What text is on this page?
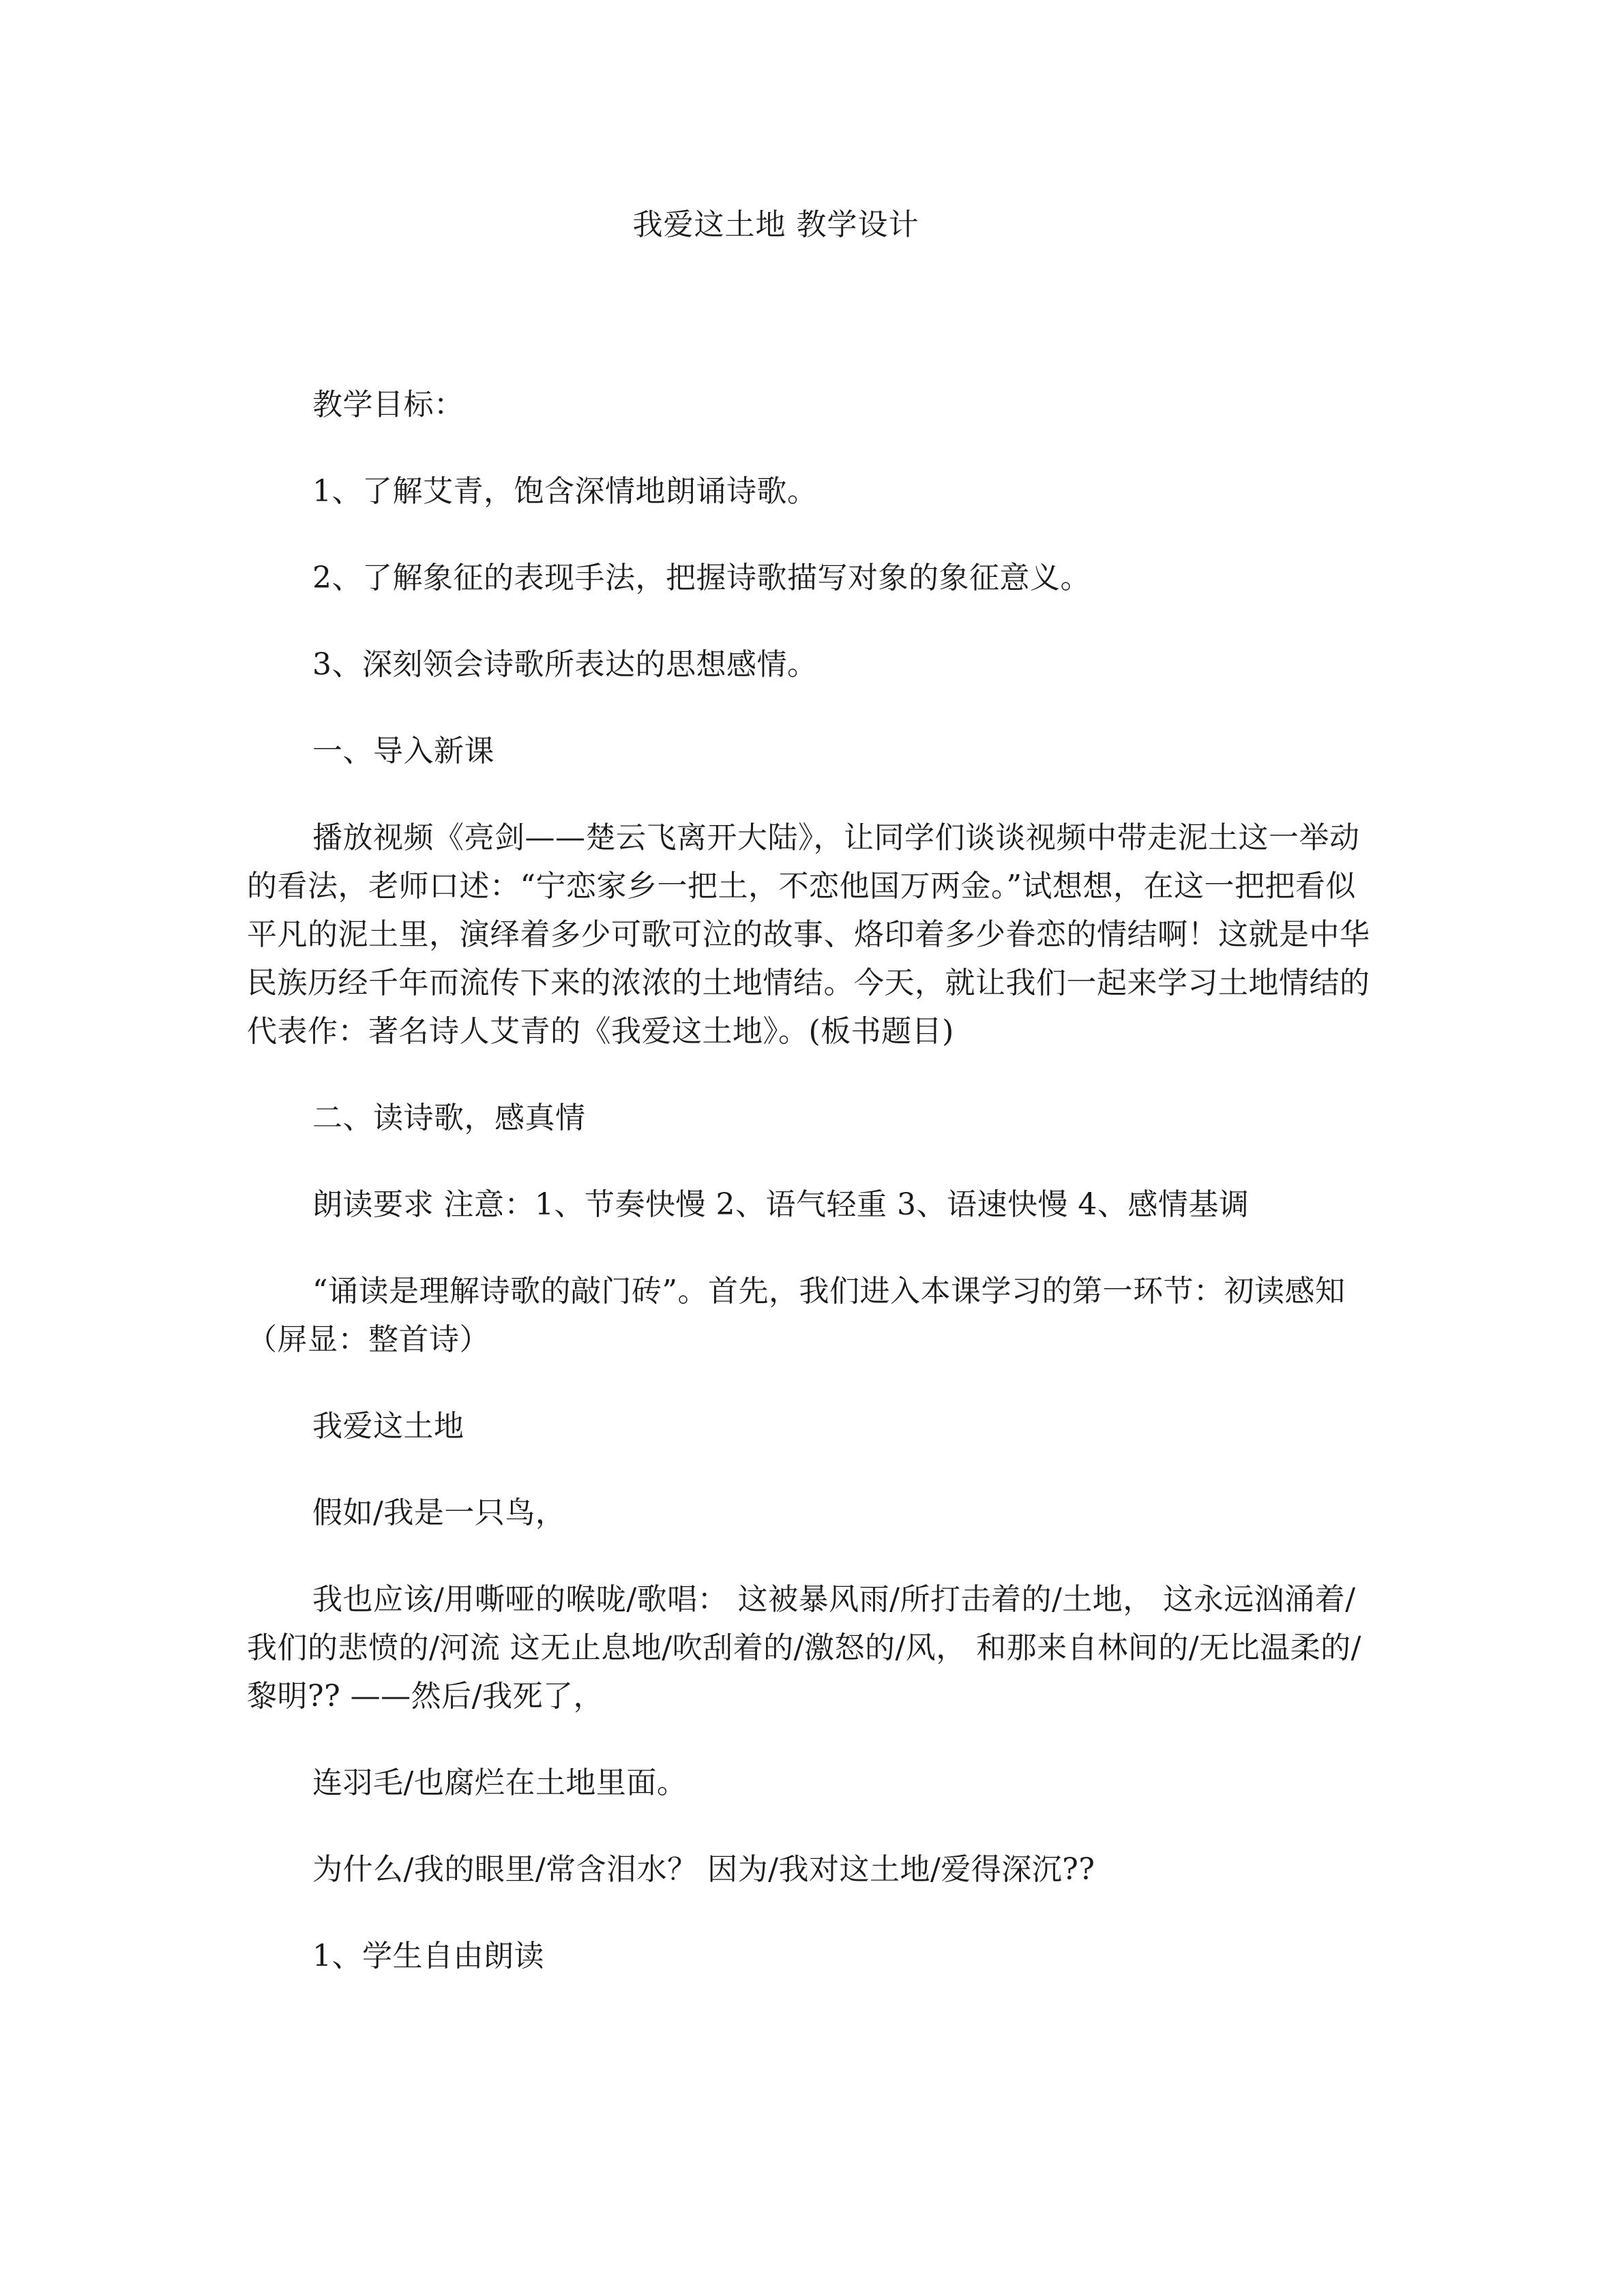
我爱这土地 教学设计

教学目标：

1、了解艾青，饱含深情地朗诵诗歌。

2、了解象征的表现手法，把握诗歌描写对象的象征意义。

3、深刻领会诗歌所表达的思想感情。

一、导入新课

播放视频《亮剑——楚云飞离开大陆》，让同学们谈谈视频中带走泥土这一举动的看法，老师口述：“宁恋家乡一把土，不恋他国万两金。”试想想，在这一把把看似平凡的泥土里，演绎着多少可歌可泣的故事、烙印着多少眷恋的情结啊！这就是中华民族历经千年而流传下来的浓浓的土地情结。今天，就让我们一起来学习土地情结的代表作：著名诗人艾青的《我爱这土地》。(板书题目)

二、读诗歌，感真情

朗读要求 注意：1、节奏快慢 2、语气轻重 3、语速快慢 4、感情基调

“诵读是理解诗歌的敲门砖”。首先，我们进入本课学习的第一环节：初读感知（屏显：整首诗）

我爱这土地

假如/我是一只鸟，

我也应该/用嘶哑的喉咙/歌唱： 这被暴风雨/所打击着的/土地， 这永远汹涌着/我们的悲愤的/河流 这无止息地/吹刮着的/激怒的/风， 和那来自林间的/无比温柔的/黎明?? ——然后/我死了，

连羽毛/也腐烂在土地里面。

为什么/我的眼里/常含泪水？ 因为/我对这土地/爱得深沉??

1、学生自由朗读
